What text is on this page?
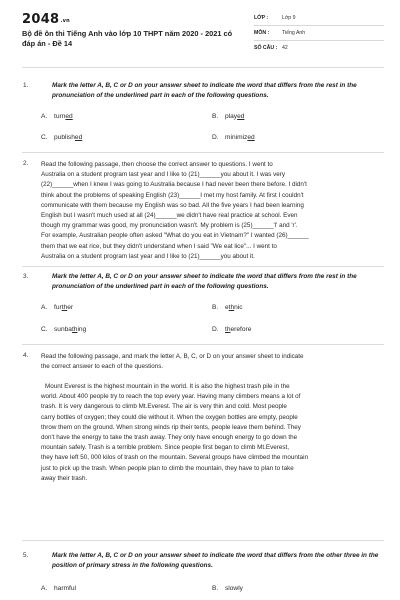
2048.vn
Bộ đề ôn thi Tiếng Anh vào lớp 10 THPT năm 2020 - 2021 có đáp án - Đề 14
LỚP :	Lớp 9
MÔN : Tiếng Anh
SỐ CÂU : 42
1.	Mark the letter A, B, C or D on your answer sheet to indicate the word that differs from the rest in the pronunciation of the underlined part in each of the following questions.
A. turned	B. played
C. published	D. minimized
2. Read the following passage, then choose the correct answer to questions. I went to

Australia on a student program last year and I like to (21)______you about it. I was very

(22)______when I knew I was going to Australia because I had never been there before. I didn't

think about the problems of speaking English (23)______I met my host family. At first I couldn't

communicate with them because my English was so bad. All the five years I had been learning

English but I wasn't much used at all (24)______we didn't have real practice at school. Even

though my grammar was good, my pronunciation wasn't. My problem is (25)______'l' and 'r'.

For example, Australian people often asked "What do you eat in Vietnam?" I wanted (26)______

them that we eat rice, but they didn't understand when I said "We eat lice"... I went to

Australia on a student program last year and I like to (21)______you about it.

3.	Mark the letter A, B, C or D on your answer sheet to indicate the word that differs from the rest in the pronunciation of the underlined part in each of the following questions.
A. further	B. ethnic
C. sunbathing	D. therefore
4. Read the following passage, and mark the letter A, B, C, or D on your answer sheet to indicate

the correct answer to each of the questions.

Mount Everest is the highest mountain in the world. It is also the highest trash pile in the

world. About 400 people try to reach the top every year. Having many climbers means a lot of

trash. It is very dangerous to climb Mt.Everest. The air is very thin and cold. Most people

carry bottles of oxygen; they could die without it. When the oxygen bottles are empty, people

throw them on the ground. When strong winds rip their tents, people leave them behind. They

don't have the energy to take the trash away. They only have enough energy to go down the

mountain safely. Trash is a terrible problem. Since people first began to climb Mt.Everest,

they have left 50, 000 kilos of trash on the mountain. Several groups have climbed the mountain

just to pick up the trash. When people plan to climb the mountain, they have to plan to take

away their trash.

5.	Mark the letter A, B, C or D on your answer sheet to indicate the word that differs from the other three in the position of primary stress in the following questions.
A. harmful	B. slowly
